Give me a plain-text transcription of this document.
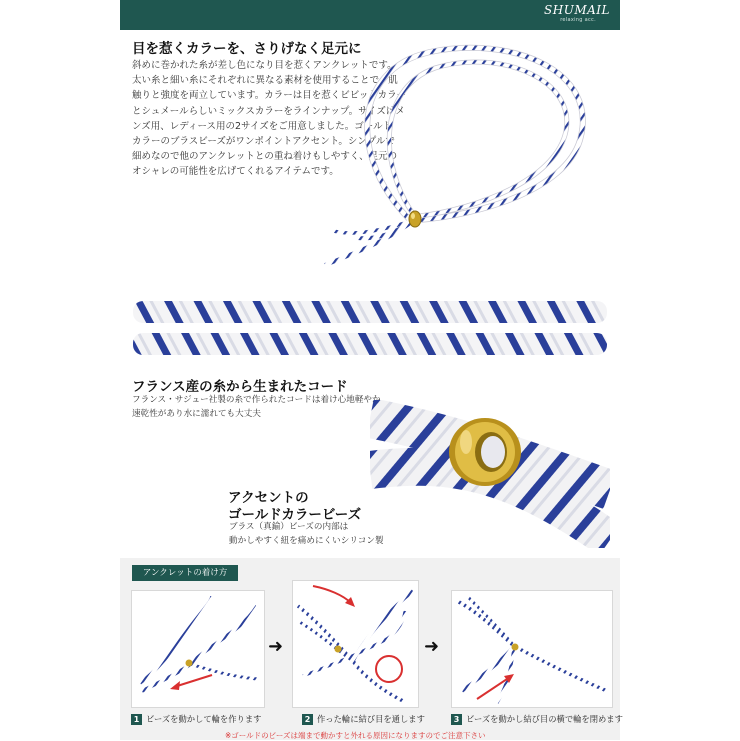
SHUMAIL
relaxing acc.
目を惹くカラーを、さりげなく足元に
斜めに巻かれた糸が差し色になり目を惹くアンクレットです。
太い糸と細い糸にそれぞれに異なる素材を使用することで、肌
触りと強度を両立しています。カラーは目を惹くビビットカラー
とシュメールらしいミックスカラーをラインナップ。サイズはメ
ンズ用、レディース用の2サイズをご用意しました。ゴールド
カラーのブラスビーズがワンポイントアクセント。シンプルで
細めなので他のアンクレットとの重ね着けもしやすく、足元の
オシャレの可能性を広げてくれるアイテムです。
フランス産の糸から生まれたコード
フランス・サジュー社製の糸で作られたコードは着け心地軽やか
速乾性があり水に濡れても大丈夫
アクセントの
ゴールドカラービーズ
ブラス（真鍮）ビーズの内部は
動かしやすく紐を痛めにくいシリコン製
アンクレットの着け方
➜	➜
1 ビーズを動かして輪を作ります	2 作った輪に結び目を通します	3 ビーズを動かし結び目の横で輪を閉めます
※ゴールドのビーズは端まで動かすと外れる原因になりますのでご注意下さい
